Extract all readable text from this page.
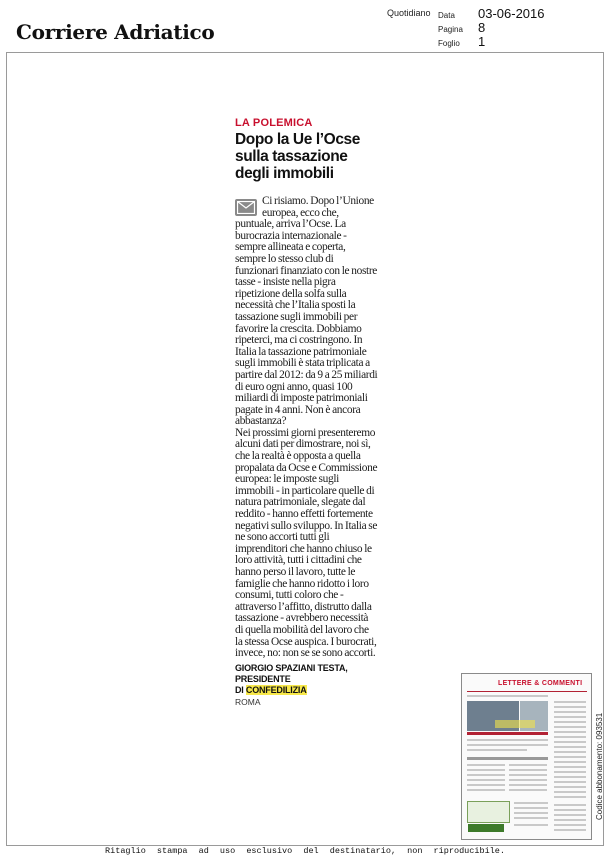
Corriere Adriatico
Quotidiano Data	03-06-2016
Pagina	8
Foglio	1
LA POLEMICA
Dopo la Ue l’Ocse sulla tassazione degli immobili
Ci risiamo. Dopo l’Unione europea, ecco che, puntuale, arriva l’Ocse. La burocrazia internazionale - sempre allineata e coperta, sempre lo stesso club di funzionari finanziato con le nostre tasse - insiste nella pigra ripetizione della solfa sulla necessità che l’Italia sposti la tassazione sugli immobili per favorire la crescita. Dobbiamo ripeterci, ma ci costringono. In Italia la tassazione patrimoniale sugli immobili è stata triplicata a partire dal 2012: da 9 a 25 miliardi di euro ogni anno, quasi 100 miliardi di imposte patrimoniali pagate in 4 anni. Non è ancora abbastanza?
Nei prossimi giorni presenteremo alcuni dati per dimostrare, noi sì, che la realtà è opposta a quella propalata da Ocse e Commissione europea: le imposte sugli immobili - in particolare quelle di natura patrimoniale, slegate dal reddito - hanno effetti fortemente negativi sullo sviluppo. In Italia se ne sono accorti tutti gli imprenditori che hanno chiuso le loro attività, tutti i cittadini che hanno perso il lavoro, tutte le famiglie che hanno ridotto i loro consumi, tutti coloro che - attraverso l’affitto, distrutto dalla tassazione - avrebbero necessità di quella mobilità del lavoro che la stessa Ocse auspica. I burocrati, invece, no: non se se sono accorti.
GIORGIO SPAZIANI TESTA, PRESIDENTE
DI CONFEDILIZIA
ROMA
LETTERE & COMMENTI
Codice abbonamento: 093531
Ritaglio stampa ad uso esclusivo del destinatario, non riproducibile.
